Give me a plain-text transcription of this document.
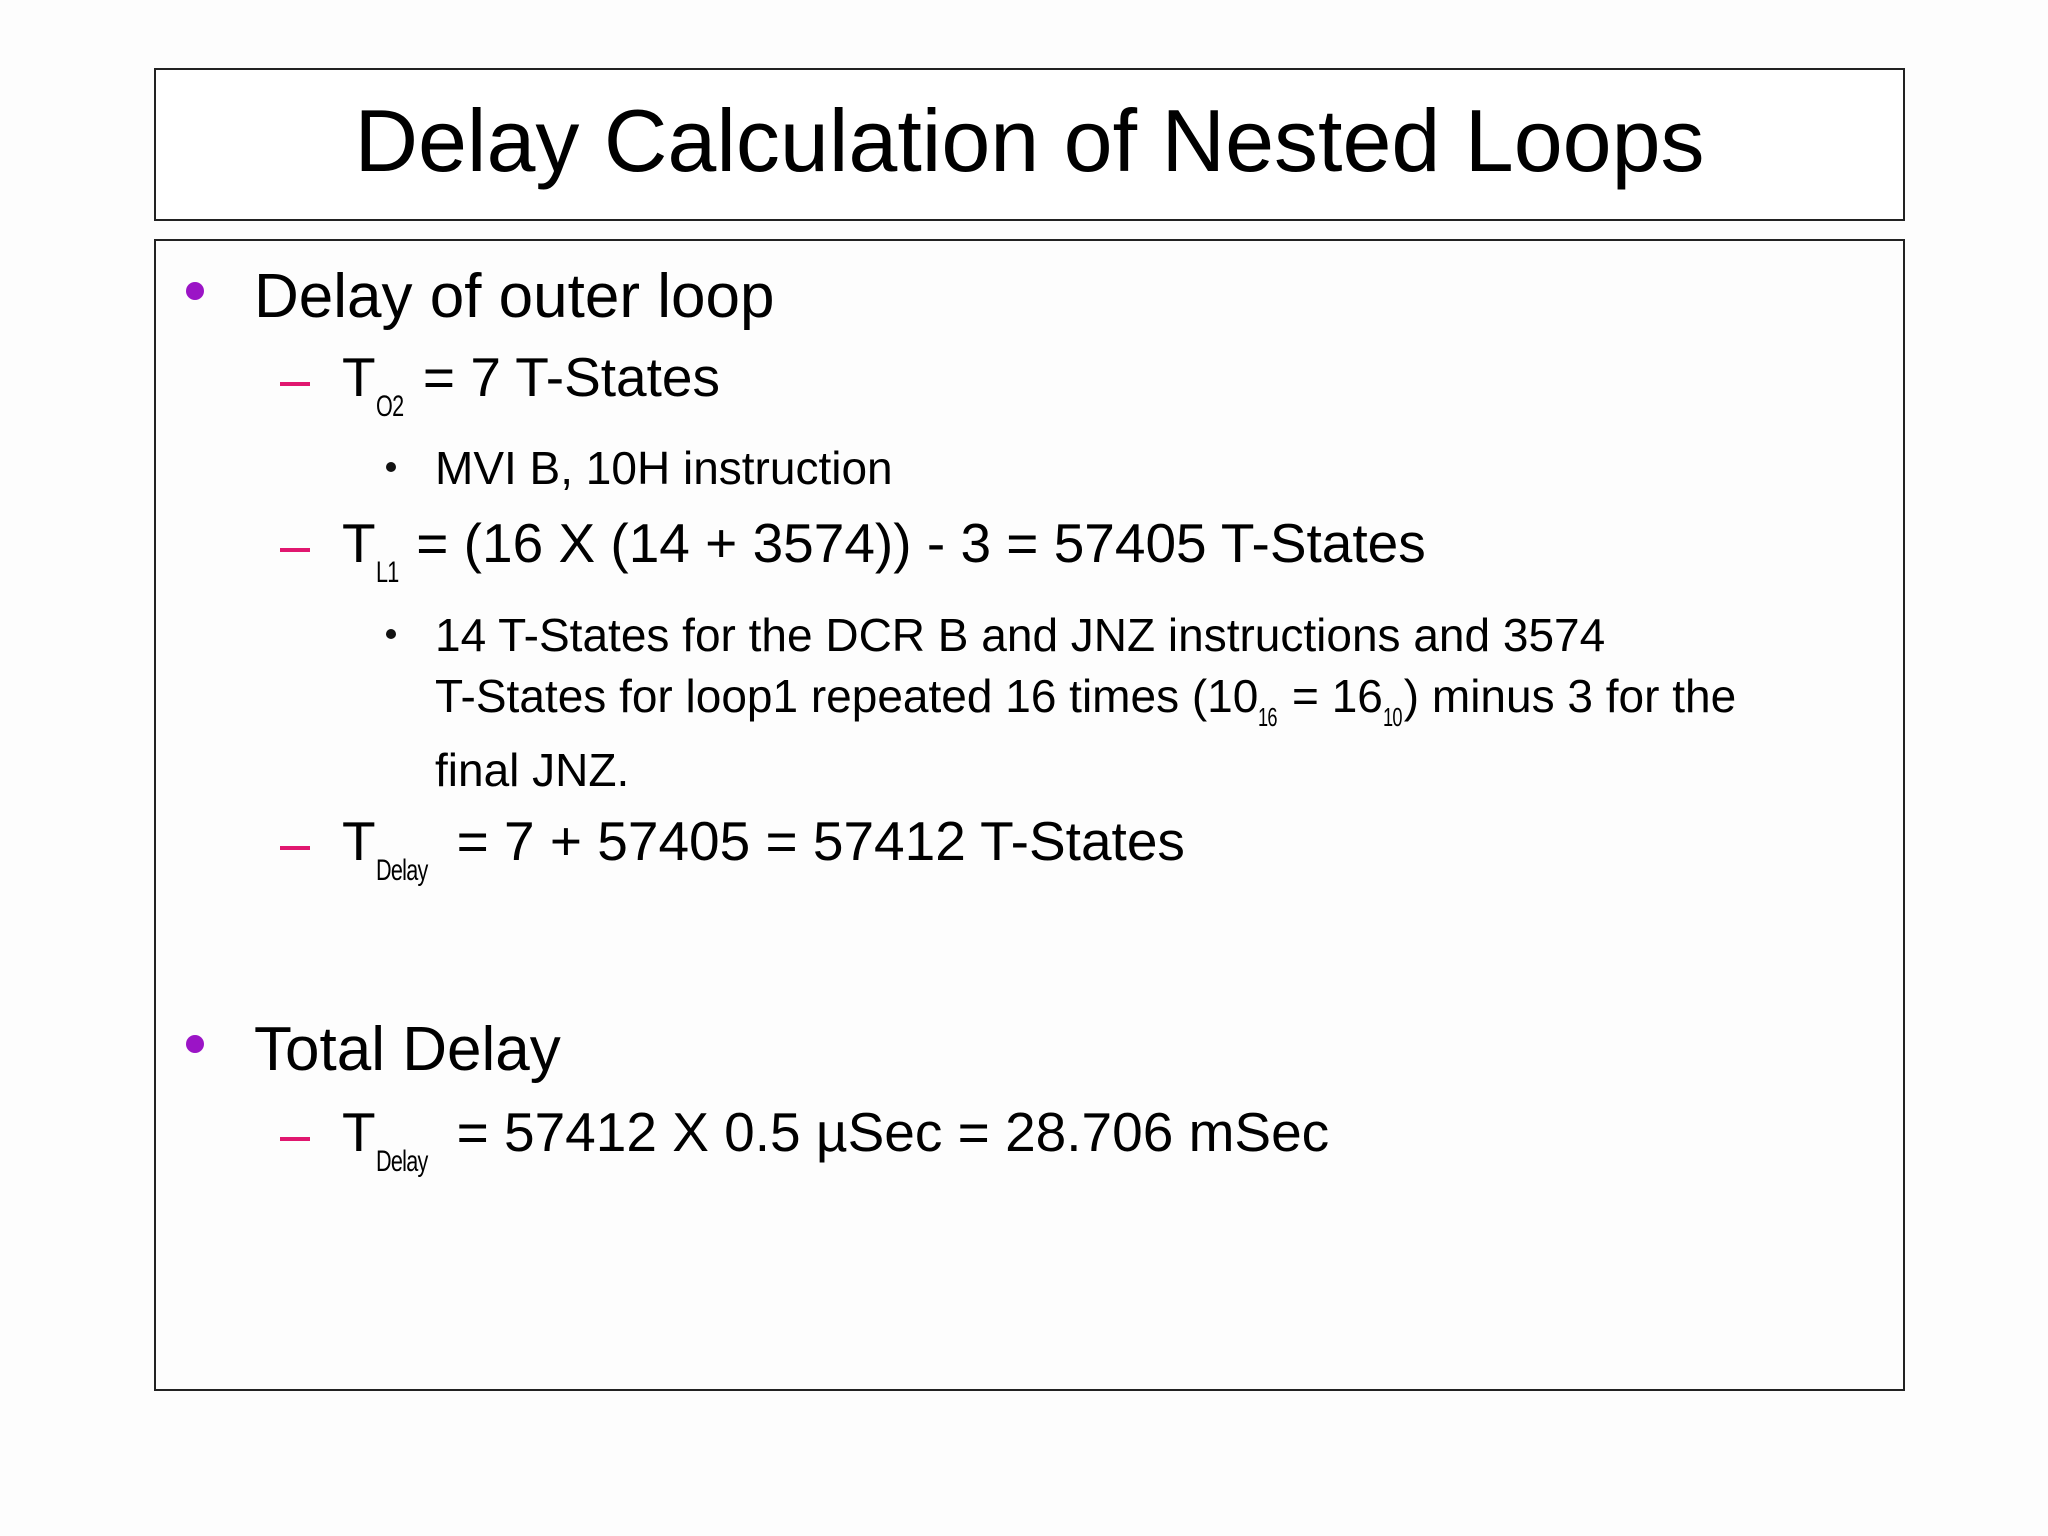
Delay Calculation of Nested Loops
Delay of outer loop
TO2 = 7 T-States
MVI B, 10H instruction
TL1 = (16 X (14 + 3574)) - 3 = 57405 T-States
14 T-States for the DCR B and JNZ instructions and 3574
T-States for loop1 repeated 16 times (1016 = 1610) minus 3 for the
final JNZ.
TDelay = 7 + 57405 = 57412 T-States
Total Delay
TDelay = 57412 X 0.5 µSec = 28.706 mSec
